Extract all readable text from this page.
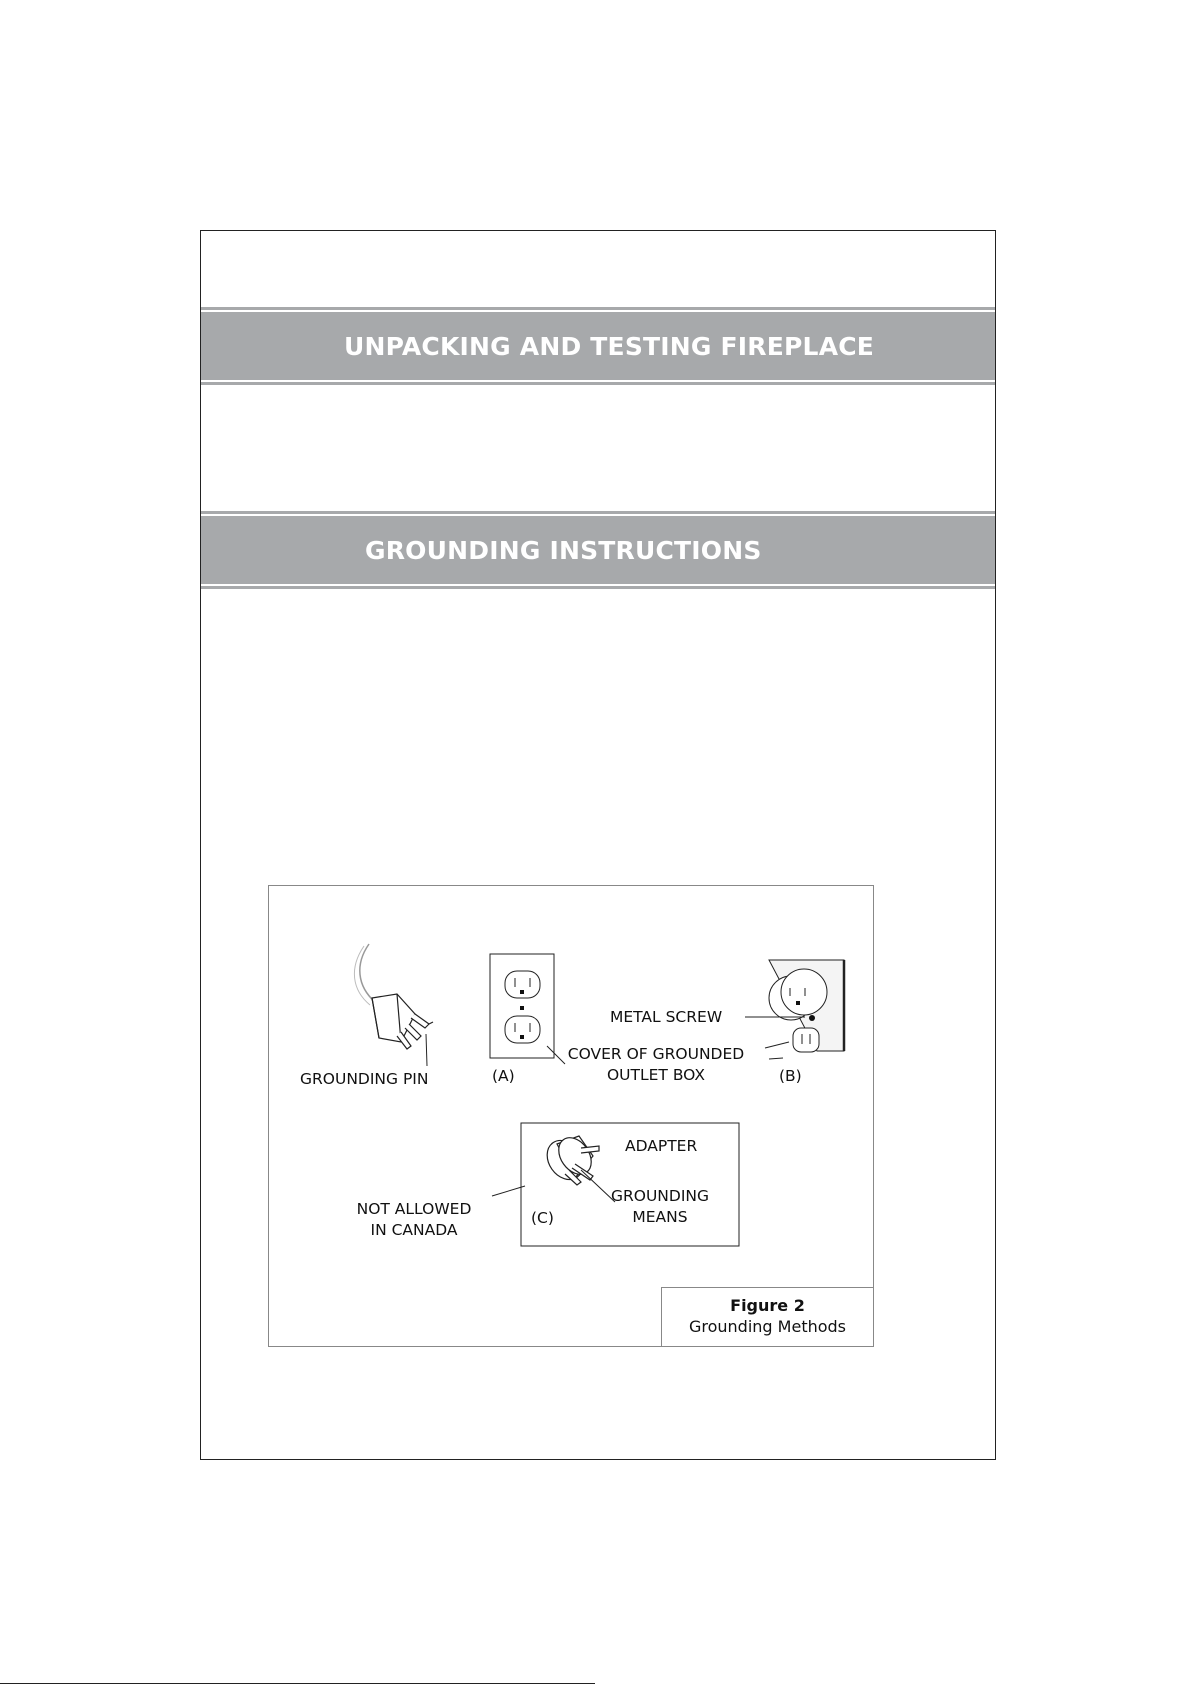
UNPACKING AND TESTING FIREPLACE
GROUNDING INSTRUCTIONS
GROUNDING PIN	(A)
METAL SCREW
COVER OF GROUNDED
OUTLET BOX	(B)
ADAPTER
GROUNDING
MEANS
(C)
NOT ALLOWED
IN CANADA
Figure 2
Grounding Methods
